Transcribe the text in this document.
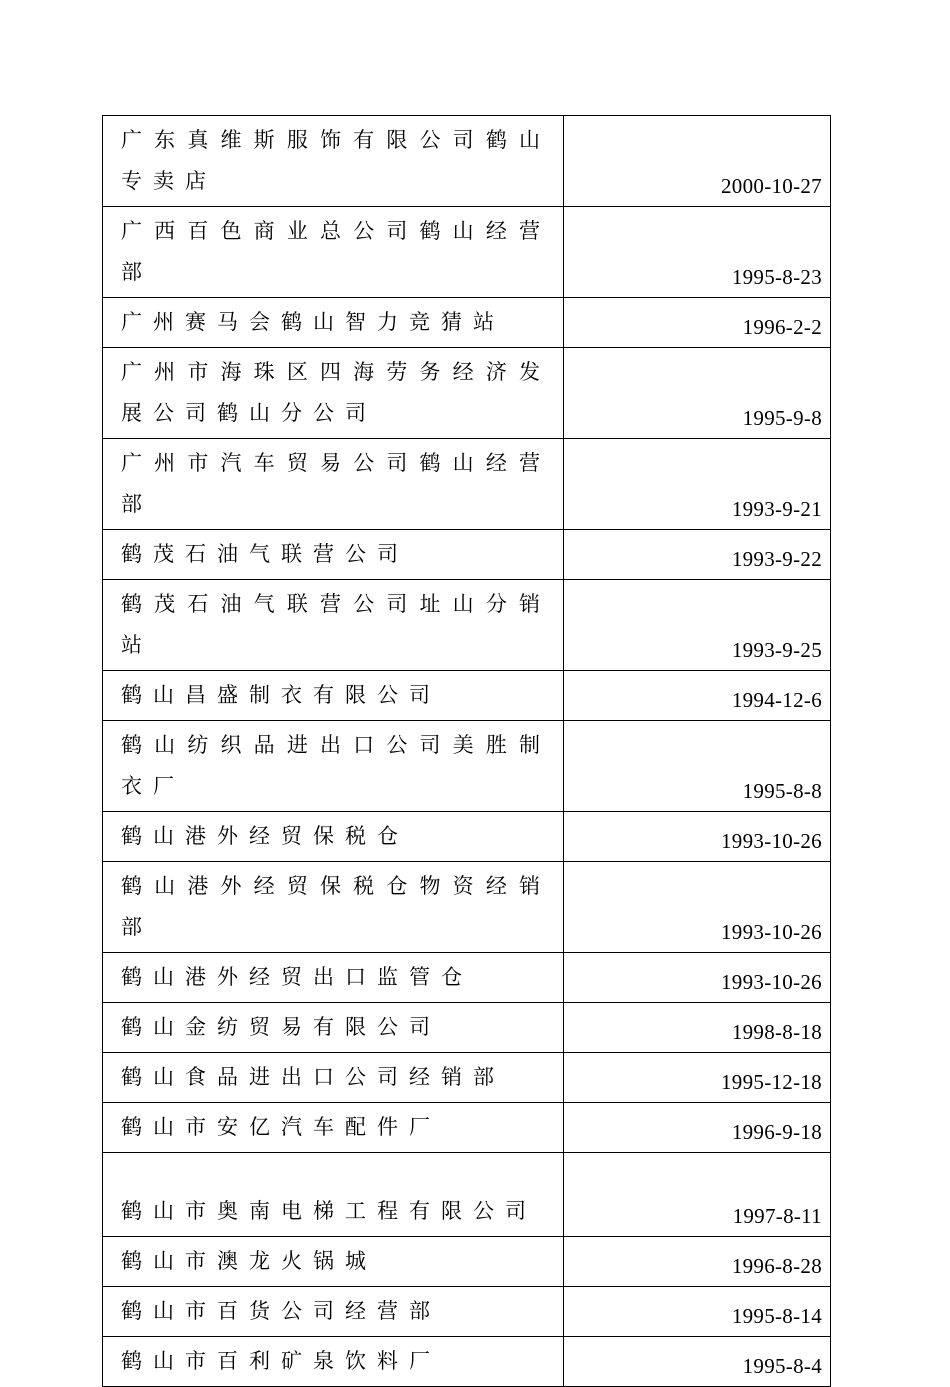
广东真维斯服饰有限公司鹤山专卖店	2000-10-27
广西百色商业总公司鹤山经营部	1995-8-23
广州赛马会鹤山智力竞猜站	1996-2-2
广州市海珠区四海劳务经济发展公司鹤山分公司	1995-9-8
广州市汽车贸易公司鹤山经营部	1993-9-21
鹤茂石油气联营公司	1993-9-22
鹤茂石油气联营公司址山分销站	1993-9-25
鹤山昌盛制衣有限公司	1994-12-6
鹤山纺织品进出口公司美胜制衣厂	1995-8-8
鹤山港外经贸保税仓	1993-10-26
鹤山港外经贸保税仓物资经销部	1993-10-26
鹤山港外经贸出口监管仓	1993-10-26
鹤山金纺贸易有限公司	1998-8-18
鹤山食品进出口公司经销部	1995-12-18
鹤山市安亿汽车配件厂	1996-9-18
鹤山市奥南电梯工程有限公司	1997-8-11
鹤山市澳龙火锅城	1996-8-28
鹤山市百货公司经营部	1995-8-14
鹤山市百利矿泉饮料厂	1995-8-4
